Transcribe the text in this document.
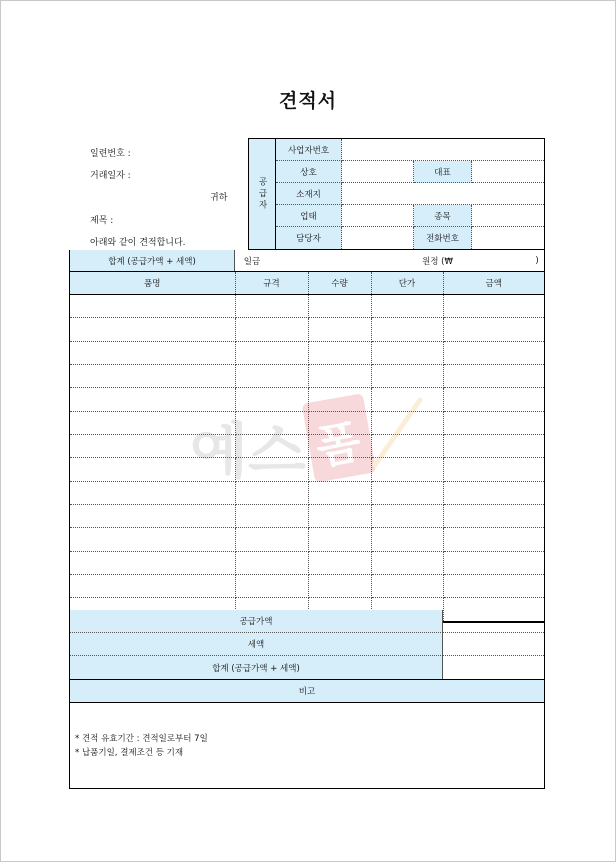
견적서
일련번호 :
거래일자 :
귀하
제목 :
아래와 같이 견적합니다.
공급자
사업자번호
상호	대표
소재지
업태	종목
담당자	전화번호
합계 (공급가액 + 세액)	일금	원정 (₩	)
품명	규격	수량	단가	금액

예스 폼
공급가액
세액
합계 (공급가액 + 세액)
비고
* 견적 유효기간 : 견적일로부터 7일
* 납품기일, 결제조건 등 기재
